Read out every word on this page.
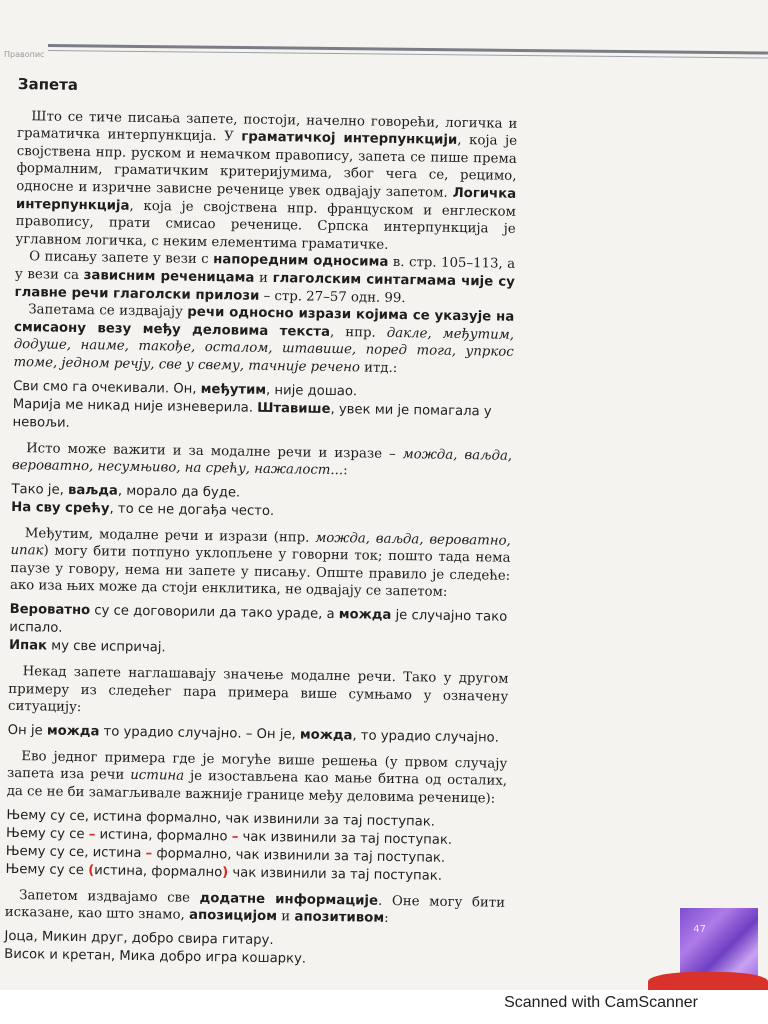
Правопис
Запета

Што се тиче писања запете, постоји, начелно говорећи, логичка и граматичка интерпункција. У граматичкој интерпункцији, која је својствена нпр. руском и немачком правопису, запета се пише према формалним, граматичким критеријумима, због чега се, рецимо, односне и изричне зависне реченице увек одвајају запетом. Логичка интерпункција, која је својствена нпр. француском и енглеском правопису, прати смисао реченице. Српска интерпункција је углавном логичка, с неким елементима граматичке.

О писању запете у вези с напоредним односима в. стр. 105–113, а у вези са зависним реченицама и глаголским синтагмама чије су главне речи глаголски прилози – стр. 27–57 одн. 99.

Запетама се издвајају речи односно изрази којима се указује на смисаону везу међу деловима текста, нпр. дакле, међутим, додуше, наиме, такође, осталом, штавише, поред тога, упркос томе, једном речју, све у свему, тачније речено итд.:

Сви смо га очекивали. Он, међутим, није дошао.
Марија ме никад није изневерила. Штавише, увек ми је помагала у невољи.

Исто може важити и за модалне речи и изразе – можда, ваљда, вероватно, несумњиво, на срећу, нажалост...:

Тако је, ваљда, морало да буде.
На сву срећу, то се не догађа често.

Међутим, модалне речи и изрази (нпр. можда, ваљда, вероватно, ипак) могу бити потпуно уклопљене у говорни ток; пошто тада нема паузе у говору, нема ни запете у писању. Опште правило је следеће: ако иза њих може да стоји енклитика, не одвајају се запетом:

Вероватно су се договорили да тако ураде, а можда је случајно тако испало.
Ипак му све испричај.

Некад запете наглашавају значење модалне речи. Тако у другом примеру из следећег пара примера више сумњамо у означену ситуацију:

Он је можда то урадио случајно. – Он је, можда, то урадио случајно.

Ево једног примера где је могуће више решења (у првом случају запета иза речи истина је изостављена као мање битна од осталих, да се не би замагљивале важније границе међу деловима реченице):

Њему су се, истина формално, чак извинили за тај поступак.
Њему су се – истина, формално – чак извинили за тај поступак.
Њему су се, истина – формално, чак извинили за тај поступак.
Њему су се (истина, формално) чак извинили за тај поступак.

Запетом издвајамо све додатне информације. Оне могу бити исказане, као што знамо, апозицијом и апозитивом:

Јоца, Микин друг, добро свира гитару.
Висок и кретан, Мика добро игра кошарку.
47
Scanned with CamScanner
